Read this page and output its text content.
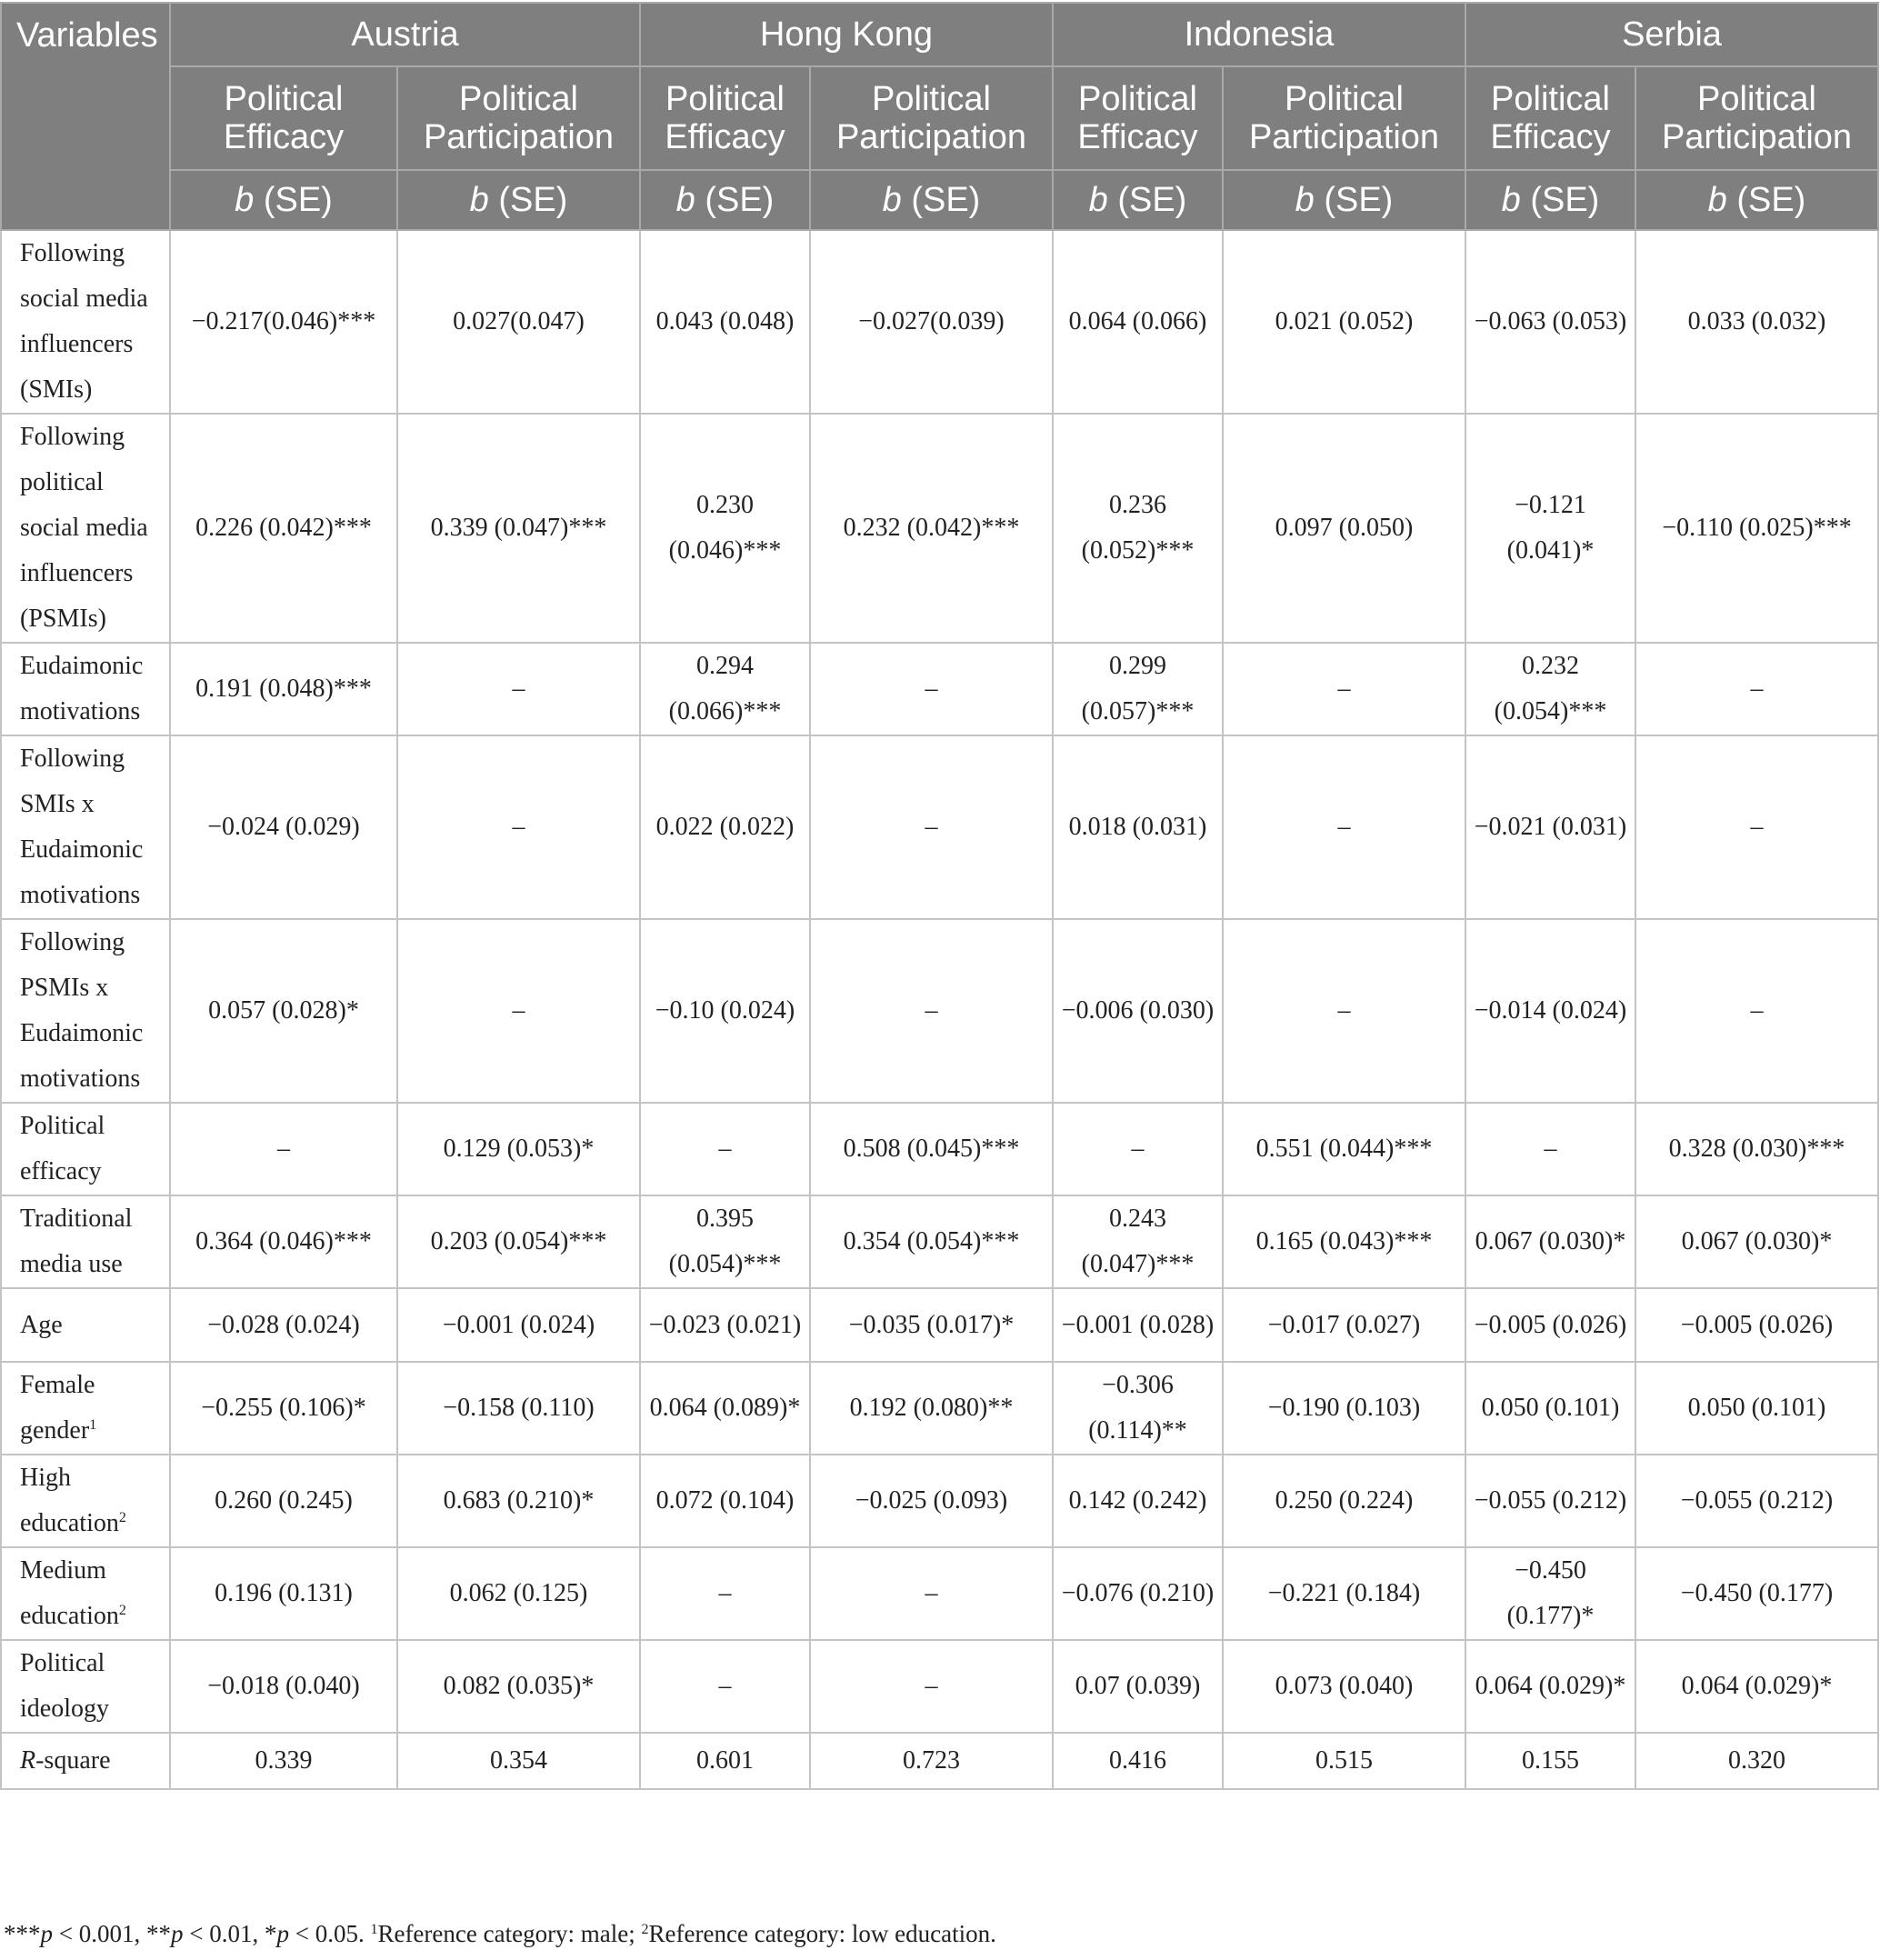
Variables	Austria		Hong Kong		Indonesia		Serbia	
	Political Efficacy	Political Participation	Political Efficacy	Political Participation	Political Efficacy	Political Participation	Political Efficacy	Political Participation
	b (SE)	b (SE)	b (SE)	b (SE)	b (SE)	b (SE)	b (SE)	b (SE)
Following social media influencers (SMIs)	−0.217(0.046)***	0.027(0.047)	0.043 (0.048)	−0.027(0.039)	0.064 (0.066)	0.021 (0.052)	−0.063 (0.053)	0.033 (0.032)
Following political social media influencers (PSMIs)	0.226 (0.042)***	0.339 (0.047)***	0.230 (0.046)***	0.232 (0.042)***	0.236 (0.052)***	0.097 (0.050)	−0.121 (0.041)*	−0.110 (0.025)***
Eudaimonic motivations	0.191 (0.048)***	–	0.294 (0.066)***	–	0.299 (0.057)***	–	0.232 (0.054)***	–
Following SMIs x Eudaimonic motivations	−0.024 (0.029)	–	0.022 (0.022)	–	0.018 (0.031)	–	−0.021 (0.031)	–
Following PSMIs x Eudaimonic motivations	0.057 (0.028)*	–	−0.10 (0.024)	–	−0.006 (0.030)	–	−0.014 (0.024)	–
Political efficacy	–	0.129 (0.053)*	–	0.508 (0.045)***	–	0.551 (0.044)***	–	0.328 (0.030)***
Traditional media use	0.364 (0.046)***	0.203 (0.054)***	0.395 (0.054)***	0.354 (0.054)***	0.243 (0.047)***	0.165 (0.043)***	0.067 (0.030)*	0.067 (0.030)*
Age	−0.028 (0.024)	−0.001 (0.024)	−0.023 (0.021)	−0.035 (0.017)*	−0.001 (0.028)	−0.017 (0.027)	−0.005 (0.026)	−0.005 (0.026)
Female gender$^1$	−0.255 (0.106)*	−0.158 (0.110)	0.064 (0.089)*	0.192 (0.080)**	−0.306 (0.114)**	−0.190 (0.103)	0.050 (0.101)	0.050 (0.101)
High education$^2$	0.260 (0.245)	0.683 (0.210)*	0.072 (0.104)	−0.025 (0.093)	0.142 (0.242)	0.250 (0.224)	−0.055 (0.212)	−0.055 (0.212)
Medium education$^2$	0.196 (0.131)	0.062 (0.125)	–	–	−0.076 (0.210)	−0.221 (0.184)	−0.450 (0.177)*	−0.450 (0.177)
Political ideology	−0.018 (0.040)	0.082 (0.035)*	–	–	0.07 (0.039)	0.073 (0.040)	0.064 (0.029)*	0.064 (0.029)*
R-square	0.339	0.354	0.601	0.723	0.416	0.515	0.155	0.320
***p < 0.001, **p < 0.01, *p < 0.05. $^1$Reference category: male; $^2$Reference category: low education.
